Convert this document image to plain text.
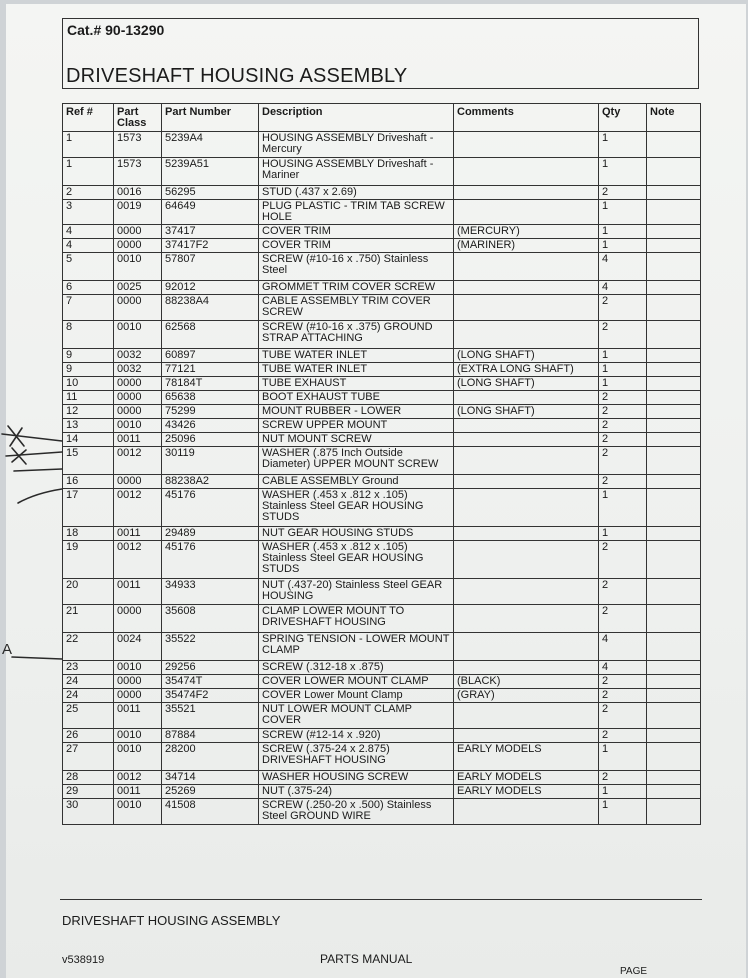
Cat.# 90-13290
DRIVESHAFT HOUSING ASSEMBLY
Ref #	Part Class	Part Number	Description	Comments	Qty	Note
1	1573	5239A4	HOUSING ASSEMBLY Driveshaft - Mercury		1	
1	1573	5239A51	HOUSING ASSEMBLY Driveshaft - Mariner		1	
2	0016	56295	STUD (.437 x 2.69)		2	
3	0019	64649	PLUG PLASTIC - TRIM TAB SCREW HOLE		1	
4	0000	37417	COVER TRIM	(MERCURY)	1	
4	0000	37417F2	COVER TRIM	(MARINER)	1	
5	0010	57807	SCREW (#10-16 x .750) Stainless Steel		4	
6	0025	92012	GROMMET TRIM COVER SCREW		4	
7	0000	88238A4	CABLE ASSEMBLY TRIM COVER SCREW		2	
8	0010	62568	SCREW (#10-16 x .375) GROUND STRAP ATTACHING		2	
9	0032	60897	TUBE WATER INLET	(LONG SHAFT)	1	
9	0032	77121	TUBE WATER INLET	(EXTRA LONG SHAFT)	1	
10	0000	78184T	TUBE EXHAUST	(LONG SHAFT)	1	
11	0000	65638	BOOT EXHAUST TUBE		2	
12	0000	75299	MOUNT RUBBER - LOWER	(LONG SHAFT)	2	
13	0010	43426	SCREW UPPER MOUNT		2	
14	0011	25096	NUT MOUNT SCREW		2	
15	0012	30119	WASHER (.875 Inch Outside Diameter) UPPER MOUNT SCREW		2	
16	0000	88238A2	CABLE ASSEMBLY Ground		2	
17	0012	45176	WASHER (.453 x .812 x .105) Stainless Steel GEAR HOUSING STUDS		1	
18	0011	29489	NUT GEAR HOUSING STUDS		1	
19	0012	45176	WASHER (.453 x .812 x .105) Stainless Steel GEAR HOUSING STUDS		2	
20	0011	34933	NUT (.437-20) Stainless Steel GEAR HOUSING		2	
21	0000	35608	CLAMP LOWER MOUNT TO DRIVESHAFT HOUSING		2	
22	0024	35522	SPRING TENSION - LOWER MOUNT CLAMP		4	
23	0010	29256	SCREW (.312-18 x .875)		4	
24	0000	35474T	COVER LOWER MOUNT CLAMP	(BLACK)	2	
24	0000	35474F2	COVER Lower Mount Clamp	(GRAY)	2	
25	0011	35521	NUT LOWER MOUNT CLAMP COVER		2	
26	0010	87884	SCREW (#12-14 x .920)		2	
27	0010	28200	SCREW (.375-24 x 2.875) DRIVESHAFT HOUSING	EARLY MODELS	1	
28	0012	34714	WASHER HOUSING SCREW	EARLY MODELS	2	
29	0011	25269	NUT (.375-24)	EARLY MODELS	1	
30	0010	41508	SCREW (.250-20 x .500) Stainless Steel GROUND WIRE		1	
A
DRIVESHAFT HOUSING ASSEMBLY
v538919	PARTS MANUAL
PAGE
